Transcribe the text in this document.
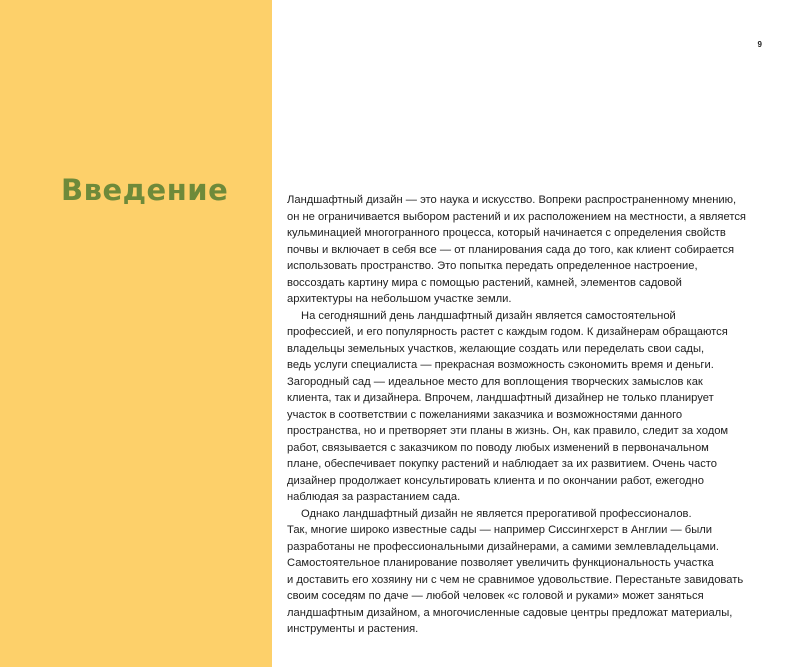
Введение
9
Ландшафтный дизайн — это наука и искусство. Вопреки распространенному мнению,
он не ограничивается выбором растений и их расположением на местности, а является
кульминацией многогранного процесса, который начинается с определения свойств
почвы и включает в себя все — от планирования сада до того, как клиент собирается
использовать пространство. Это попытка передать определенное настроение,
воссоздать картину мира с помощью растений, камней, элементов садовой
архитектуры на небольшом участке земли.
На сегодняшний день ландшафтный дизайн является самостоятельной
профессией, и его популярность растет с каждым годом. К дизайнерам обращаются
владельцы земельных участков, желающие создать или переделать свои сады,
ведь услуги специалиста — прекрасная возможность сэкономить время и деньги.
Загородный сад — идеальное место для воплощения творческих замыслов как
клиента, так и дизайнера. Впрочем, ландшафтный дизайнер не только планирует
участок в соответствии с пожеланиями заказчика и возможностями данного
пространства, но и претворяет эти планы в жизнь. Он, как правило, следит за ходом
работ, связывается с заказчиком по поводу любых изменений в первоначальном
плане, обеспечивает покупку растений и наблюдает за их развитием. Очень часто
дизайнер продолжает консультировать клиента и по окончании работ, ежегодно
наблюдая за разрастанием сада.
Однако ландшафтный дизайн не является прерогативой профессионалов.
Так, многие широко известные сады — например Сиссингхерст в Англии — были
разработаны не профессиональными дизайнерами, а самими землевладельцами.
Самостоятельное планирование позволяет увеличить функциональность участка
и доставить его хозяину ни с чем не сравнимое удовольствие. Перестаньте завидовать
своим соседям по даче — любой человек «с головой и руками» может заняться
ландшафтным дизайном, а многочисленные садовые центры предложат материалы,
инструменты и растения.
